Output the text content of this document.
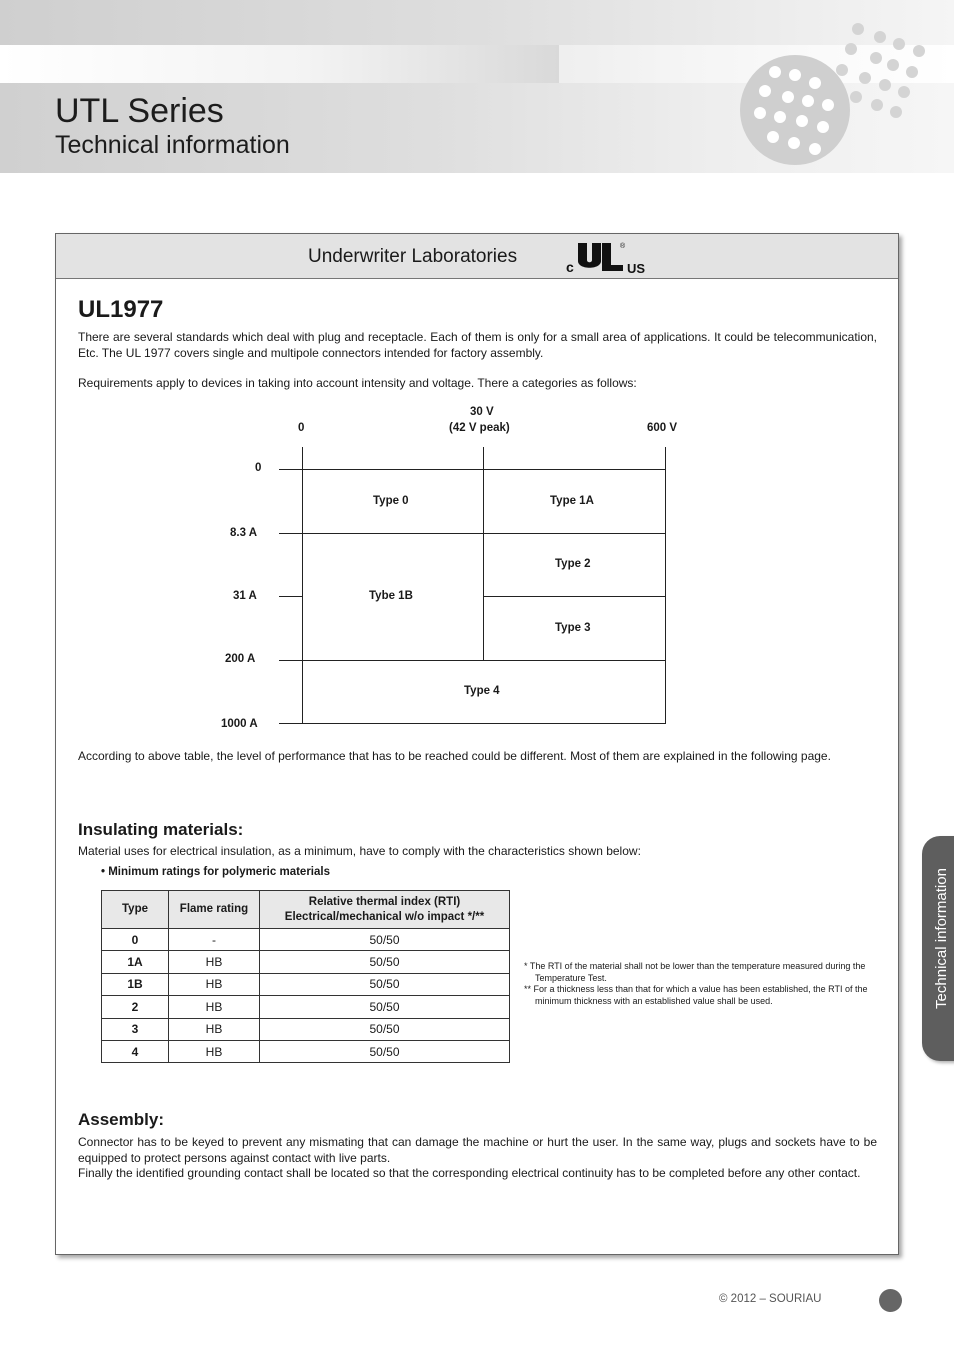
UTL Series
Technical information
Underwriter Laboratories	c	US
®
UL1977
There are several standards which deal with plug and receptacle. Each of them is only for a small area of applications. It could be telecommunication, Etc. The UL 1977 covers single and multipole connectors intended for factory assembly.
Requirements apply to devices in taking into account intensity and voltage. There a categories as follows:
0
30 V
(42 V peak)	600 V
0
8.3 A
31 A
200 A
1000 A
Type 0	Type 1A
Type 2
Tybe 1B
Type 3
Type 4
According to above table, the level of performance that has to be reached could be different. Most of them are explained in the following page.
Insulating materials:
Material uses for electrical insulation, as a minimum, have to comply with the characteristics shown below:
• Minimum ratings for polymeric materials
Type	Flame rating	Relative thermal index (RTI)
Electrical/mechanical w/o impact */**

0	-	50/50
1A	HB	50/50
1B	HB	50/50
2	HB	50/50
3	HB	50/50
4	HB	50/50
* The RTI of the material shall not be lower than the temperature measured during the Temperature Test.
** For a thickness less than that for which a value has been established, the RTI of the minimum thickness with an established value shall be used.
Assembly:
Connector has to be keyed to prevent any mismating that can damage the machine or hurt the user. In the same way, plugs and sockets have to be equipped to protect persons against contact with live parts.
Finally the identified grounding contact shall be located so that the corresponding electrical continuity has to be completed before any other contact.
Technical information
© 2012 – SOURIAU
